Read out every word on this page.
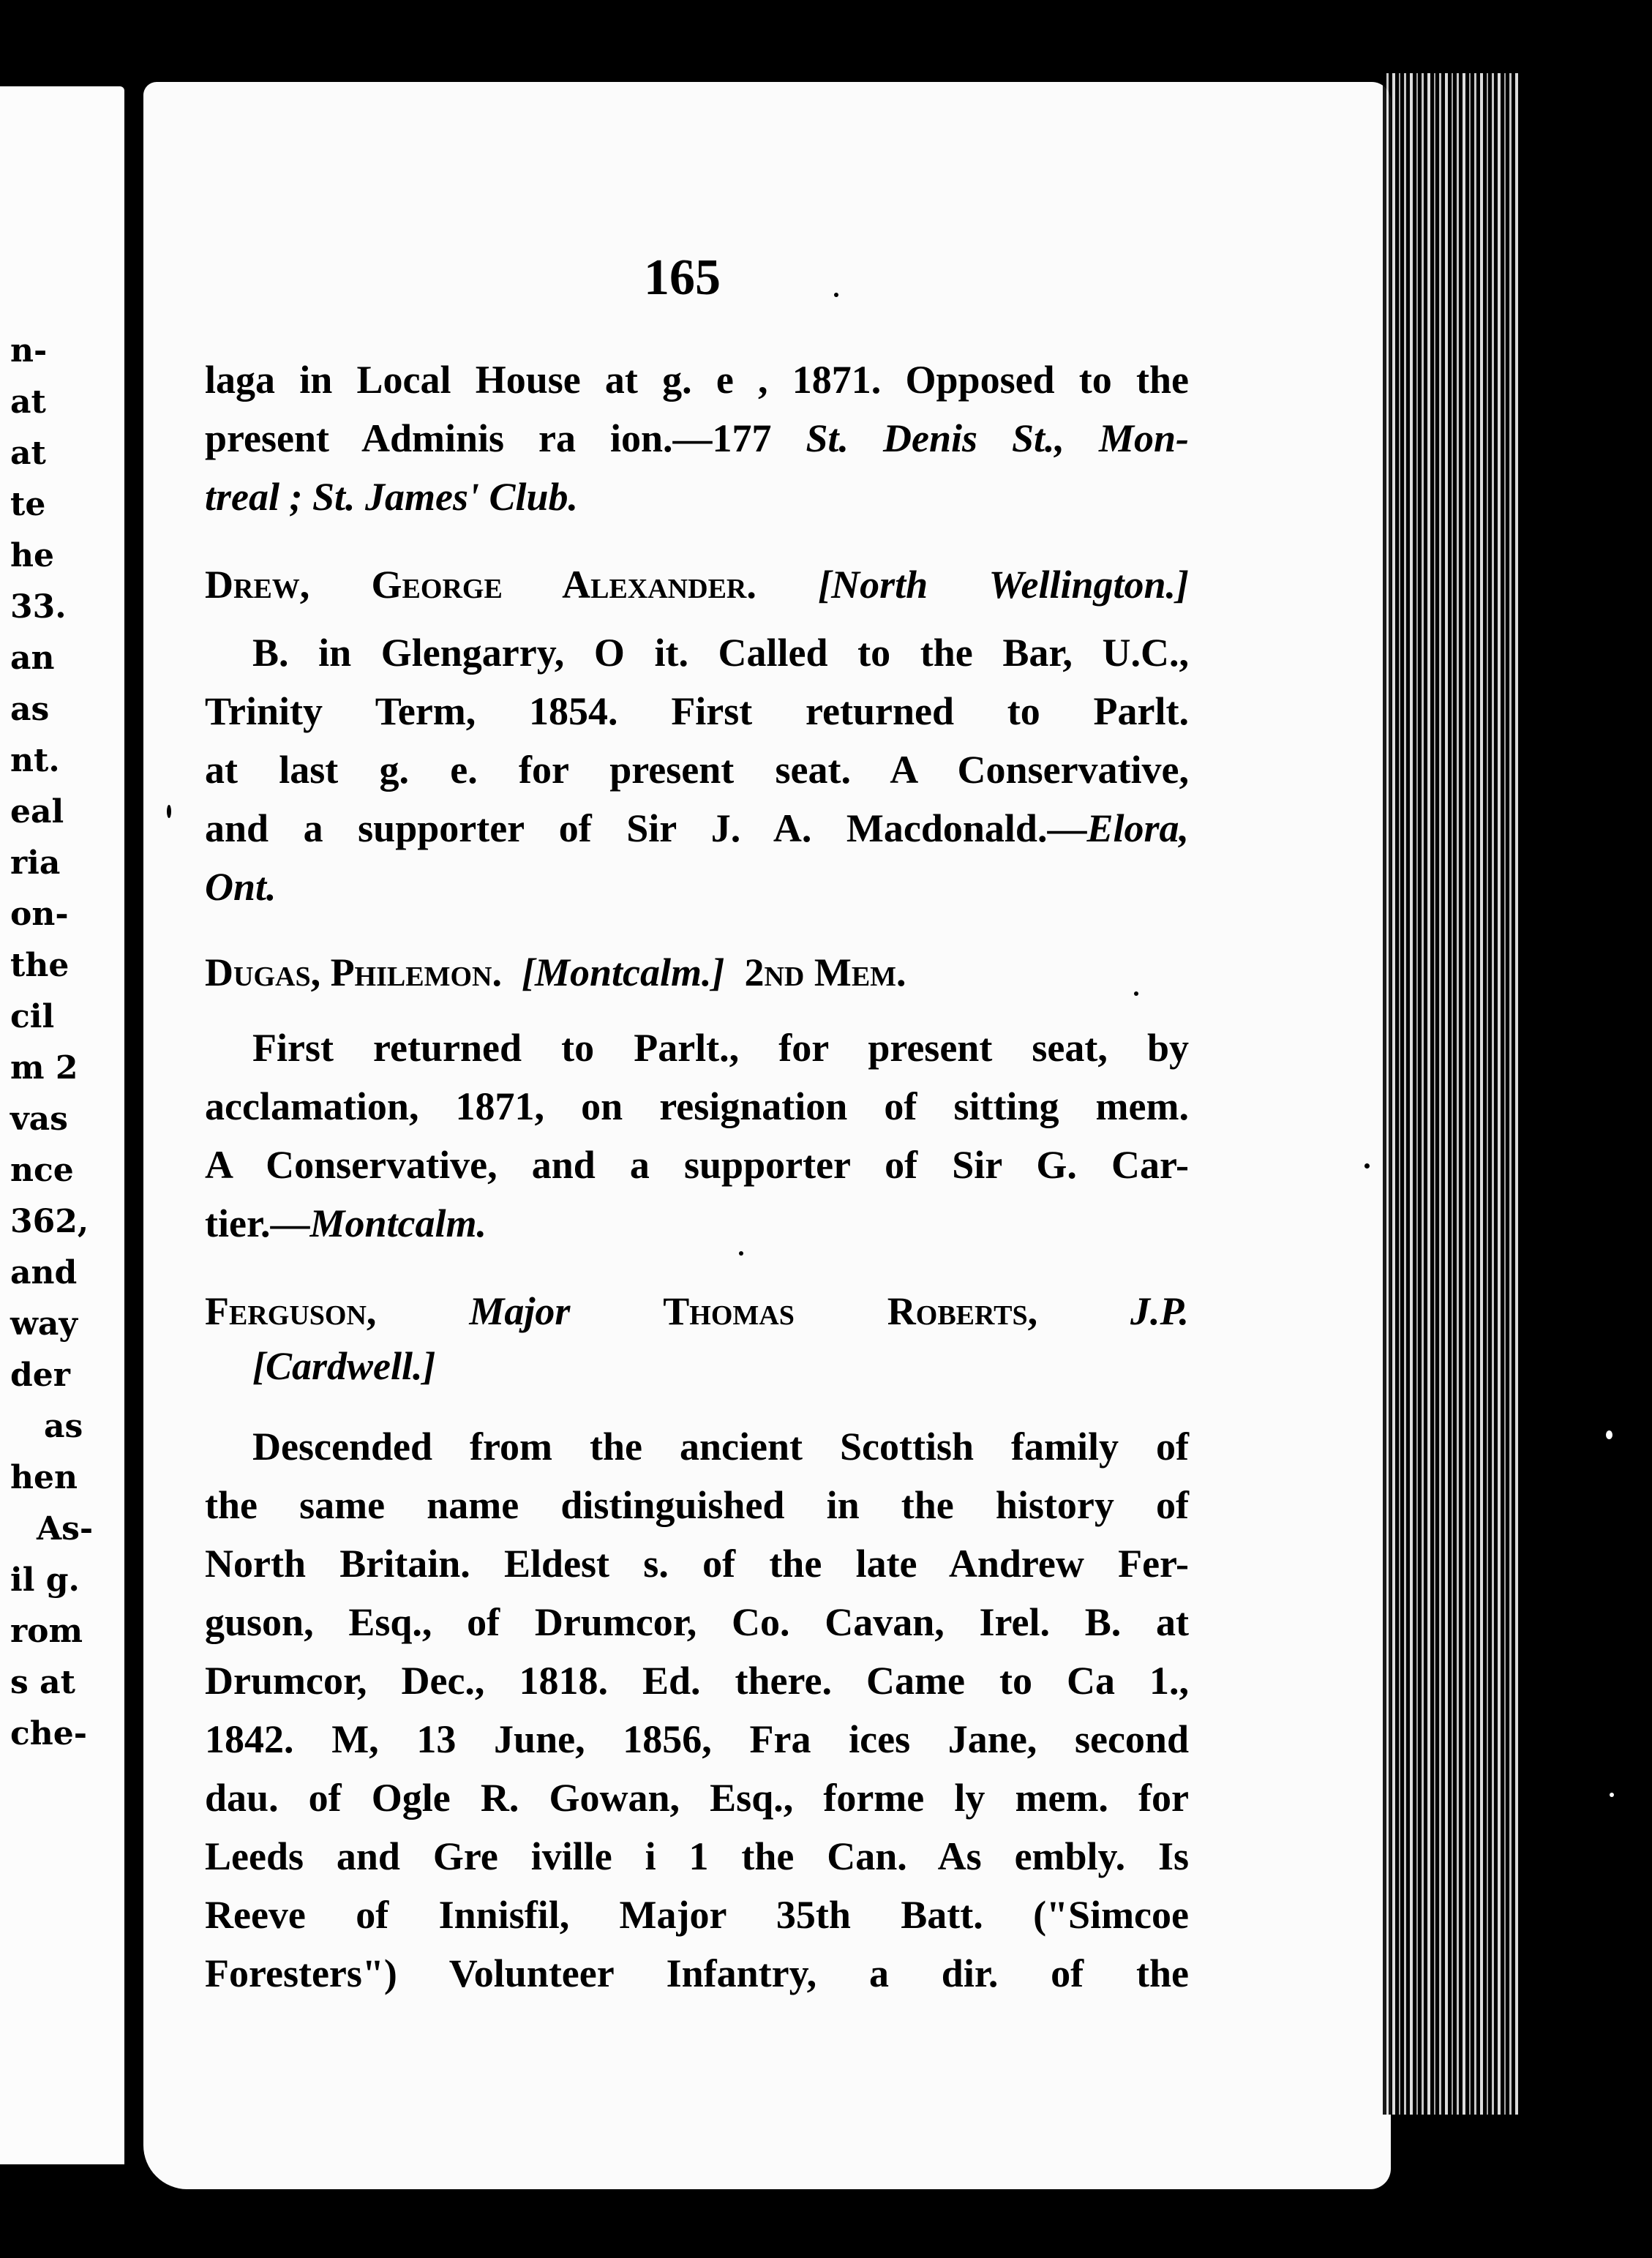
n-
at
at
te
he
33.
an
as
nt.
eal
ria
on-
the
cil
m 2
vas
nce
362,
and
way
der
as
hen
As-
il g.
rom
s at
che-
165
laga in Local House at g. e , 1871. Opposed to the
present Adminis ra ion.—177 St. Denis St., Mon-
treal ; St. James' Club.
Drew, George Alexander. [North Wellington.]
B. in Glengarry, O it. Called to the Bar, U.C.,
Trinity Term, 1854. First returned to Parlt.
at last g. e. for present seat. A Conservative,
and a supporter of Sir J. A. Macdonald.—Elora,
Ont.
Dugas, Philemon. [Montcalm.] 2nd Mem.
First returned to Parlt., for present seat, by
acclamation, 1871, on resignation of sitting mem.
A Conservative, and a supporter of Sir G. Car-
tier.—Montcalm.
Ferguson, Major Thomas Roberts, J.P.
[Cardwell.]
Descended from the ancient Scottish family of
the same name distinguished in the history of
North Britain. Eldest s. of the late Andrew Fer-
guson, Esq., of Drumcor, Co. Cavan, Irel. B. at
Drumcor, Dec., 1818. Ed. there. Came to Ca 1.,
1842. M, 13 June, 1856, Fra ices Jane, second
dau. of Ogle R. Gowan, Esq., forme ly mem. for
Leeds and Gre iville i 1 the Can. As embly. Is
Reeve of Innisfil, Major 35th Batt. ("Simcoe
Foresters") Volunteer Infantry, a dir. of the
